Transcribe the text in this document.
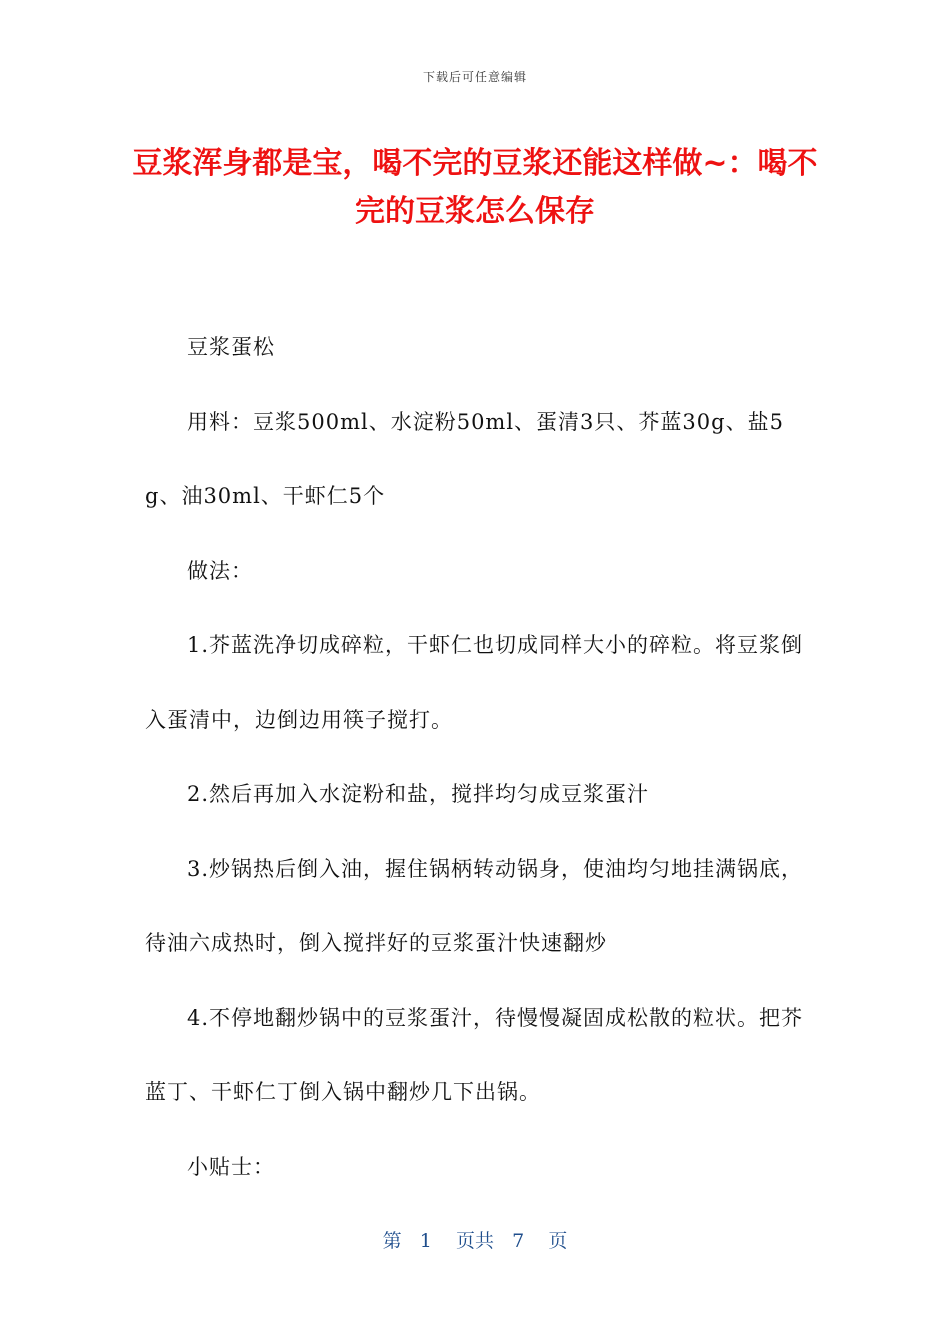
下载后可任意编辑
豆浆浑身都是宝，喝不完的豆浆还能这样做~：喝不完的豆浆怎么保存

豆浆蛋松

用料：豆浆500ml、水淀粉50ml、蛋清3只、芥蓝30g、盐5g、油30ml、干虾仁5个

做法：

1.芥蓝洗净切成碎粒，干虾仁也切成同样大小的碎粒。将豆浆倒入蛋清中，边倒边用筷子搅打。

2.然后再加入水淀粉和盐，搅拌均匀成豆浆蛋汁

3.炒锅热后倒入油，握住锅柄转动锅身，使油均匀地挂满锅底，待油六成热时，倒入搅拌好的豆浆蛋汁快速翻炒

4.不停地翻炒锅中的豆浆蛋汁，待慢慢凝固成松散的粒状。把芥蓝丁、干虾仁丁倒入锅中翻炒几下出锅。

小贴士：

第 1 页共 7 页
